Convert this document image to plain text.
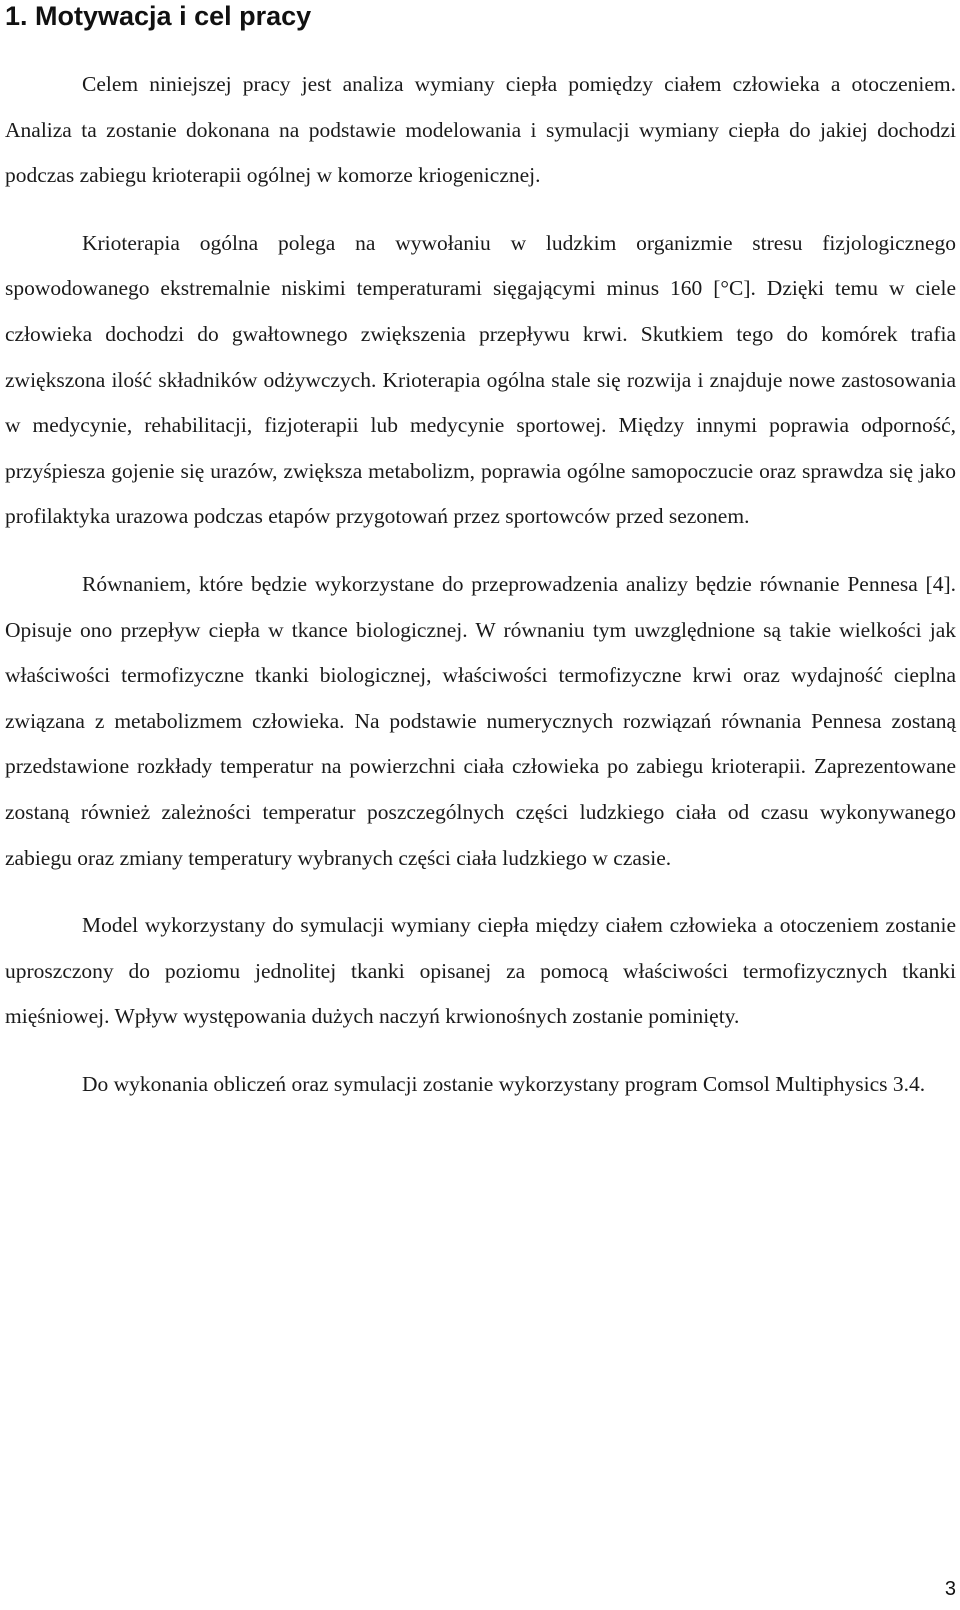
1. Motywacja i cel pracy

Celem niniejszej pracy jest analiza wymiany ciepła pomiędzy ciałem człowieka a otoczeniem. Analiza ta zostanie dokonana na podstawie modelowania i symulacji wymiany ciepła do jakiej dochodzi podczas zabiegu krioterapii ogólnej w komorze kriogenicznej.

Krioterapia ogólna polega na wywołaniu w ludzkim organizmie stresu fizjologicznego spowodowanego ekstremalnie niskimi temperaturami sięgającymi minus 160 [°C]. Dzięki temu w ciele człowieka dochodzi do gwałtownego zwiększenia przepływu krwi. Skutkiem tego do komórek trafia zwiększona ilość składników odżywczych. Krioterapia ogólna stale się rozwija i znajduje nowe zastosowania w medycynie, rehabilitacji, fizjoterapii lub medycynie sportowej. Między innymi poprawia odporność, przyśpiesza gojenie się urazów, zwiększa metabolizm, poprawia ogólne samopoczucie oraz sprawdza się jako profilaktyka urazowa podczas etapów przygotowań przez sportowców przed sezonem.

Równaniem, które będzie wykorzystane do przeprowadzenia analizy będzie równanie Pennesa [4]. Opisuje ono przepływ ciepła w tkance biologicznej. W równaniu tym uwzględnione są takie wielkości jak właściwości termofizyczne tkanki biologicznej, właściwości termofizyczne krwi oraz wydajność cieplna związana z metabolizmem człowieka. Na podstawie numerycznych rozwiązań równania Pennesa zostaną przedstawione rozkłady temperatur na powierzchni ciała człowieka po zabiegu krioterapii. Zaprezentowane zostaną również zależności temperatur poszczególnych części ludzkiego ciała od czasu wykonywanego zabiegu oraz zmiany temperatury wybranych części ciała ludzkiego w czasie.

Model wykorzystany do symulacji wymiany ciepła między ciałem człowieka a otoczeniem zostanie uproszczony do poziomu jednolitej tkanki opisanej za pomocą właściwości termofizycznych tkanki mięśniowej. Wpływ występowania dużych naczyń krwionośnych zostanie pominięty.

Do wykonania obliczeń oraz symulacji zostanie wykorzystany program Comsol Multiphysics 3.4.

3
